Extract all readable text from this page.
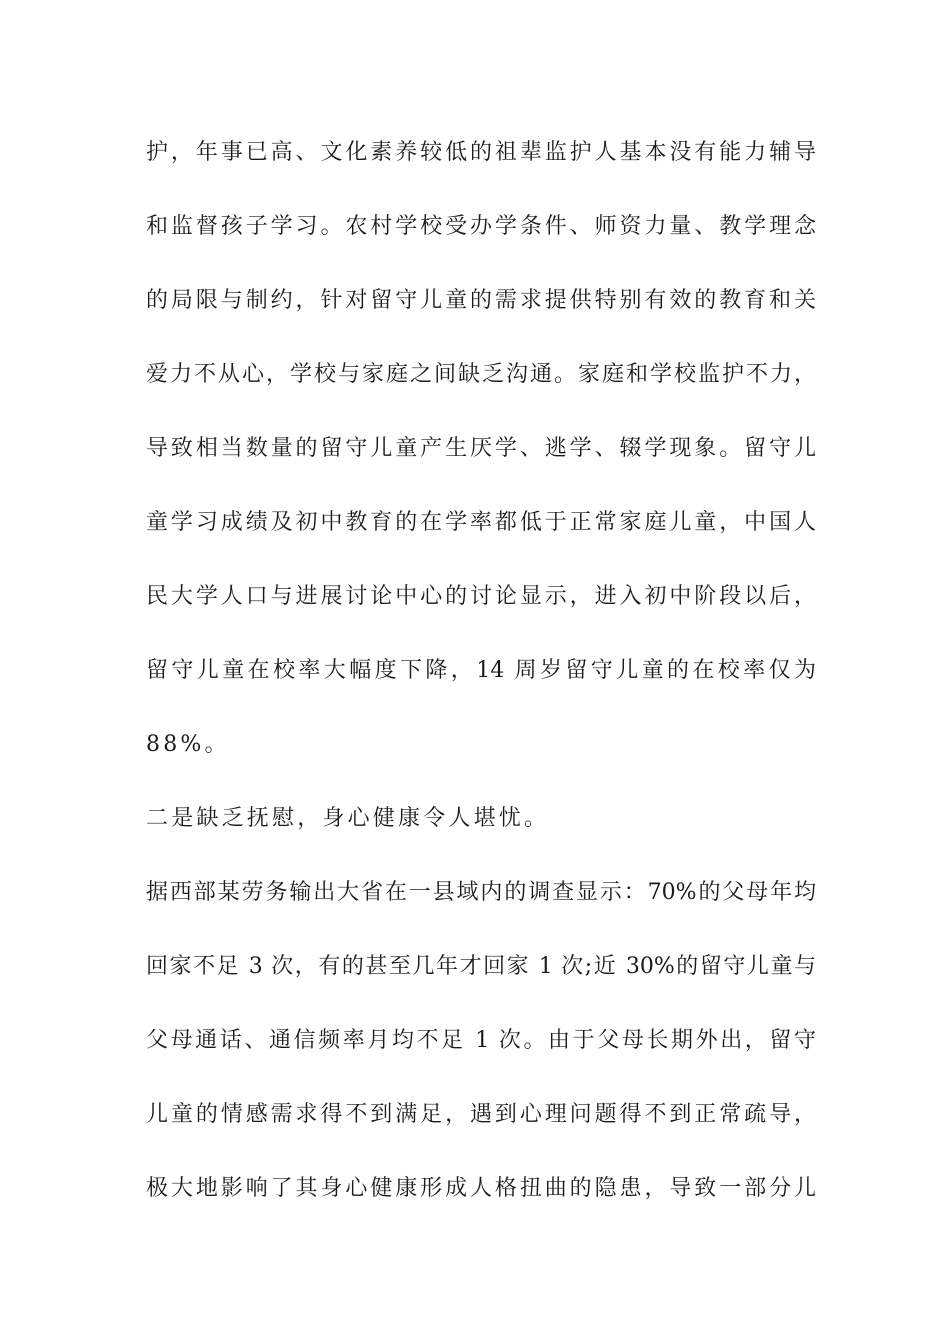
护，年事已高、文化素养较低的祖辈监护人基本没有能力辅导
和监督孩子学习。农村学校受办学条件、师资力量、教学理念
的局限与制约，针对留守儿童的需求提供特别有效的教育和关
爱力不从心，学校与家庭之间缺乏沟通。家庭和学校监护不力，
导致相当数量的留守儿童产生厌学、逃学、辍学现象。留守儿
童学习成绩及初中教育的在学率都低于正常家庭儿童，中国人
民大学人口与进展讨论中心的讨论显示，进入初中阶段以后，
留守儿童在校率大幅度下降，14 周岁留守儿童的在校率仅为
88%。
二是缺乏抚慰，身心健康令人堪忧。
据西部某劳务输出大省在一县域内的调查显示：70%的父母年均
回家不足 3 次，有的甚至几年才回家 1 次;近 30%的留守儿童与
父母通话、通信频率月均不足 1 次。由于父母长期外出，留守
儿童的情感需求得不到满足，遇到心理问题得不到正常疏导，
极大地影响了其身心健康形成人格扭曲的隐患，导致一部分儿
